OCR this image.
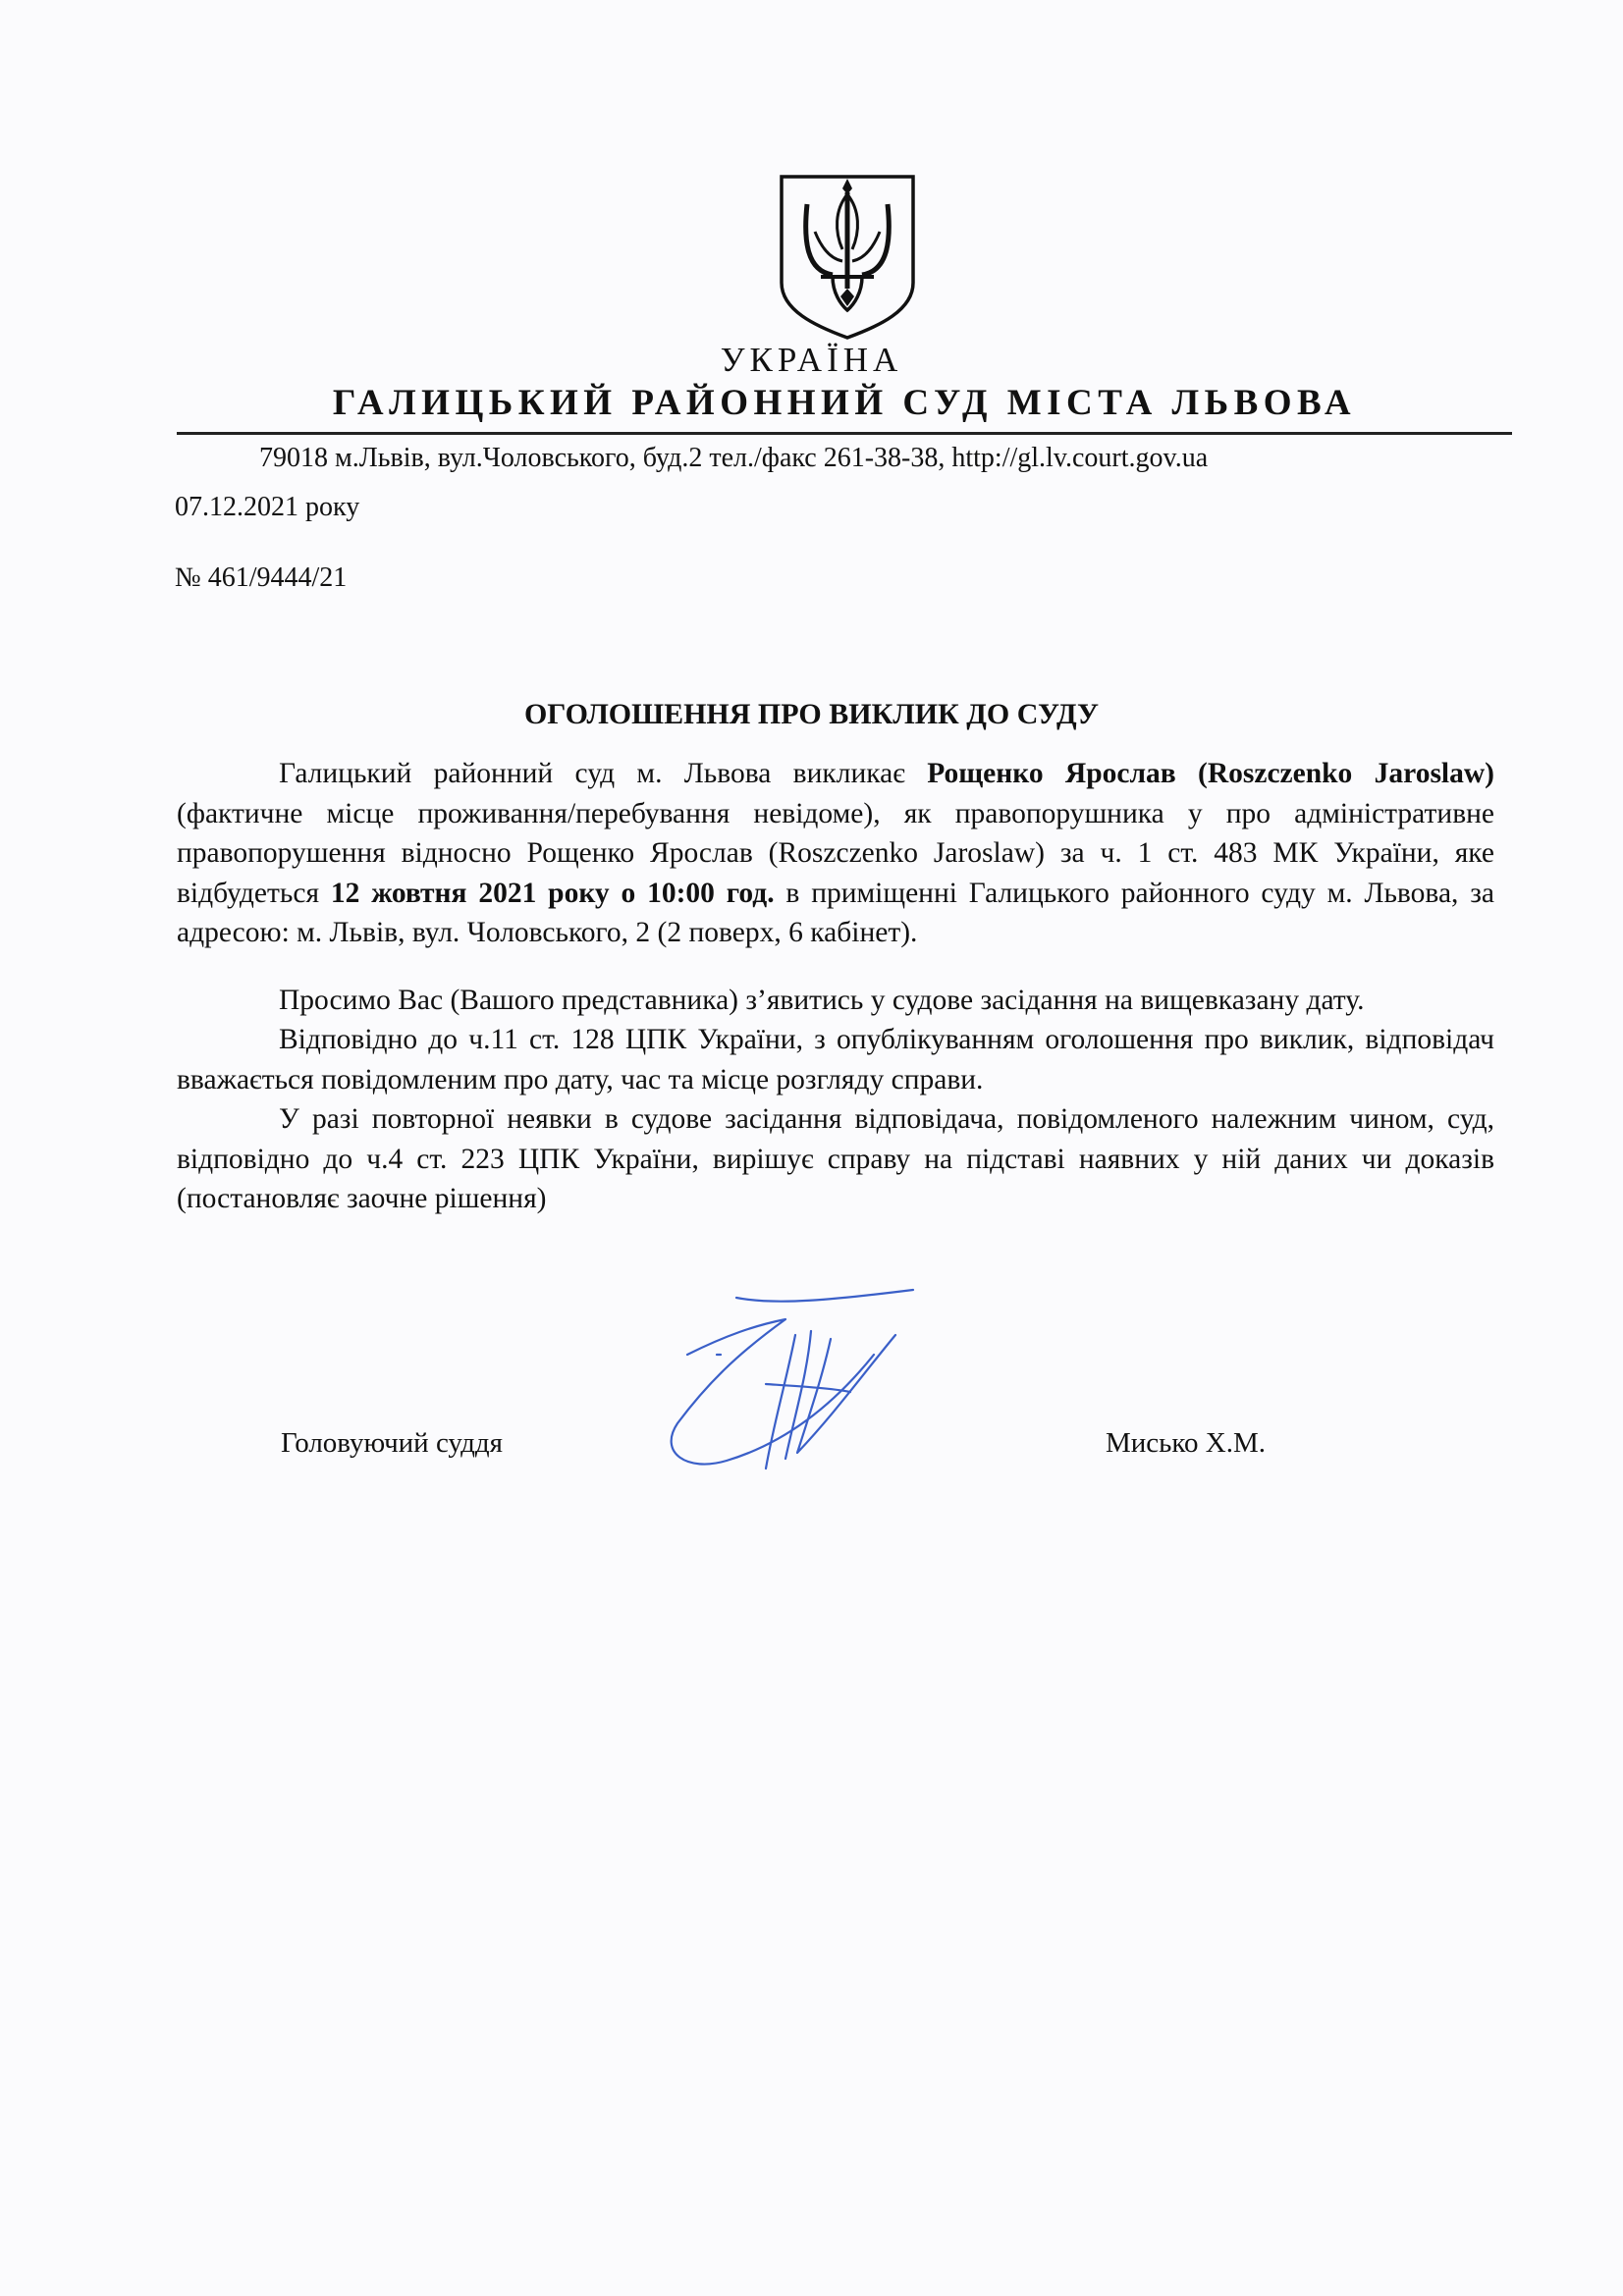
УКРАЇНА
ГАЛИЦЬКИЙ РАЙОННИЙ СУД МІСТА ЛЬВОВА
79018 м.Львів, вул.Чоловського, буд.2 тел./факс 261-38-38, http://gl.lv.court.gov.ua
07.12.2021 року
№ 461/9444/21
ОГОЛОШЕННЯ ПРО ВИКЛИК ДО СУДУ

Галицький районний суд м. Львова викликає Рощенко Ярослав (Roszczenko Jaroslaw) (фактичне місце проживання/перебування невідоме), як правопорушника у про адміністративне правопорушення відносно Рощенко Ярослав (Roszczenko Jaroslaw) за ч. 1 ст. 483 МК України, яке відбудеться 12 жовтня 2021 року о 10:00 год. в приміщенні Галицького районного суду м. Львова, за адресою: м. Львів, вул. Чоловського, 2 (2 поверх, 6 кабінет).

Просимо Вас (Вашого представника) з’явитись у судове засідання на вищевказану дату.

Відповідно до ч.11 ст. 128 ЦПК України, з опублікуванням оголошення про виклик, відповідач вважається повідомленим про дату, час та місце розгляду справи.

У разі повторної неявки в судове засідання відповідача, повідомленого належним чином, суд, відповідно до ч.4 ст. 223 ЦПК України, вирішує справу на підставі наявних у ній даних чи доказів (постановляє заочне рішення)

Головуючий суддя	Мисько Х.М.
